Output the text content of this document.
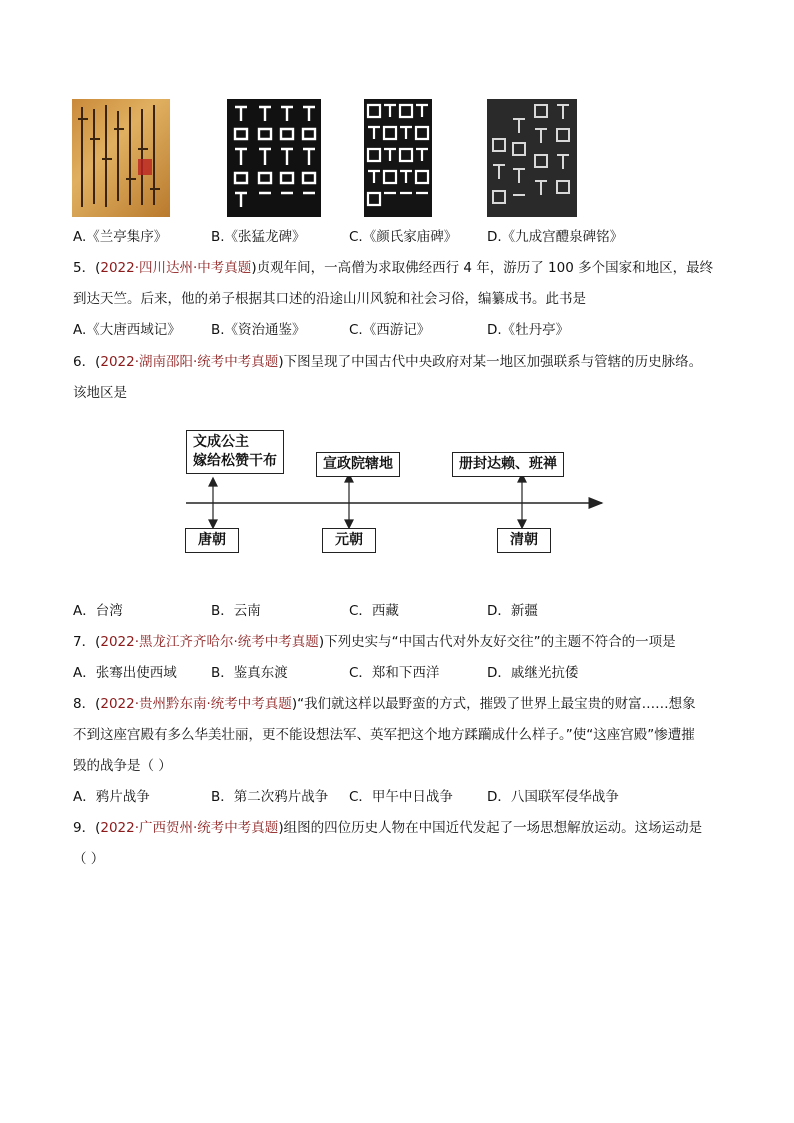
A.《兰亭集序》	B.《张猛龙碑》	C.《颜氏家庙碑》 D.《九成宫醴泉碑铭》
5．(2022·四川达州·中考真题)贞观年间，一高僧为求取佛经西行 4 年，游历了 100 多个国家和地区，最终
到达天竺。后来，他的弟子根据其口述的沿途山川风貌和社会习俗，编纂成书。此书是
A.《大唐西域记》 B.《资治通鉴》	C.《西游记》	D.《牡丹亭》
6．(2022·湖南邵阳·统考中考真题)下图呈现了中国古代中央政府对某一地区加强联系与管辖的历史脉络。
该地区是
文成公主
嫁给松赞干布	宣政院辖地	册封达赖、班禅
唐朝	元朝	清朝
A．台湾	B．云南	C．西藏	D．新疆
7．(2022·黑龙江齐齐哈尔·统考中考真题)下列史实与“中国古代对外友好交往”的主题不符合的一项是
A．张骞出使西域	B．鉴真东渡	C．郑和下西洋	D．戚继光抗倭
8．(2022·贵州黔东南·统考中考真题)“我们就这样以最野蛮的方式，摧毁了世界上最宝贵的财富……想象
不到这座宫殿有多么华美壮丽，更不能设想法军、英军把这个地方蹂躏成什么样子。”使“这座宫殿”惨遭摧
毁的战争是（ ）
A．鸦片战争	B．第二次鸦片战争 C．甲午中日战争	D．八国联军侵华战争
9．(2022·广西贺州·统考中考真题)组图的四位历史人物在中国近代发起了一场思想解放运动。这场运动是
（ ）
